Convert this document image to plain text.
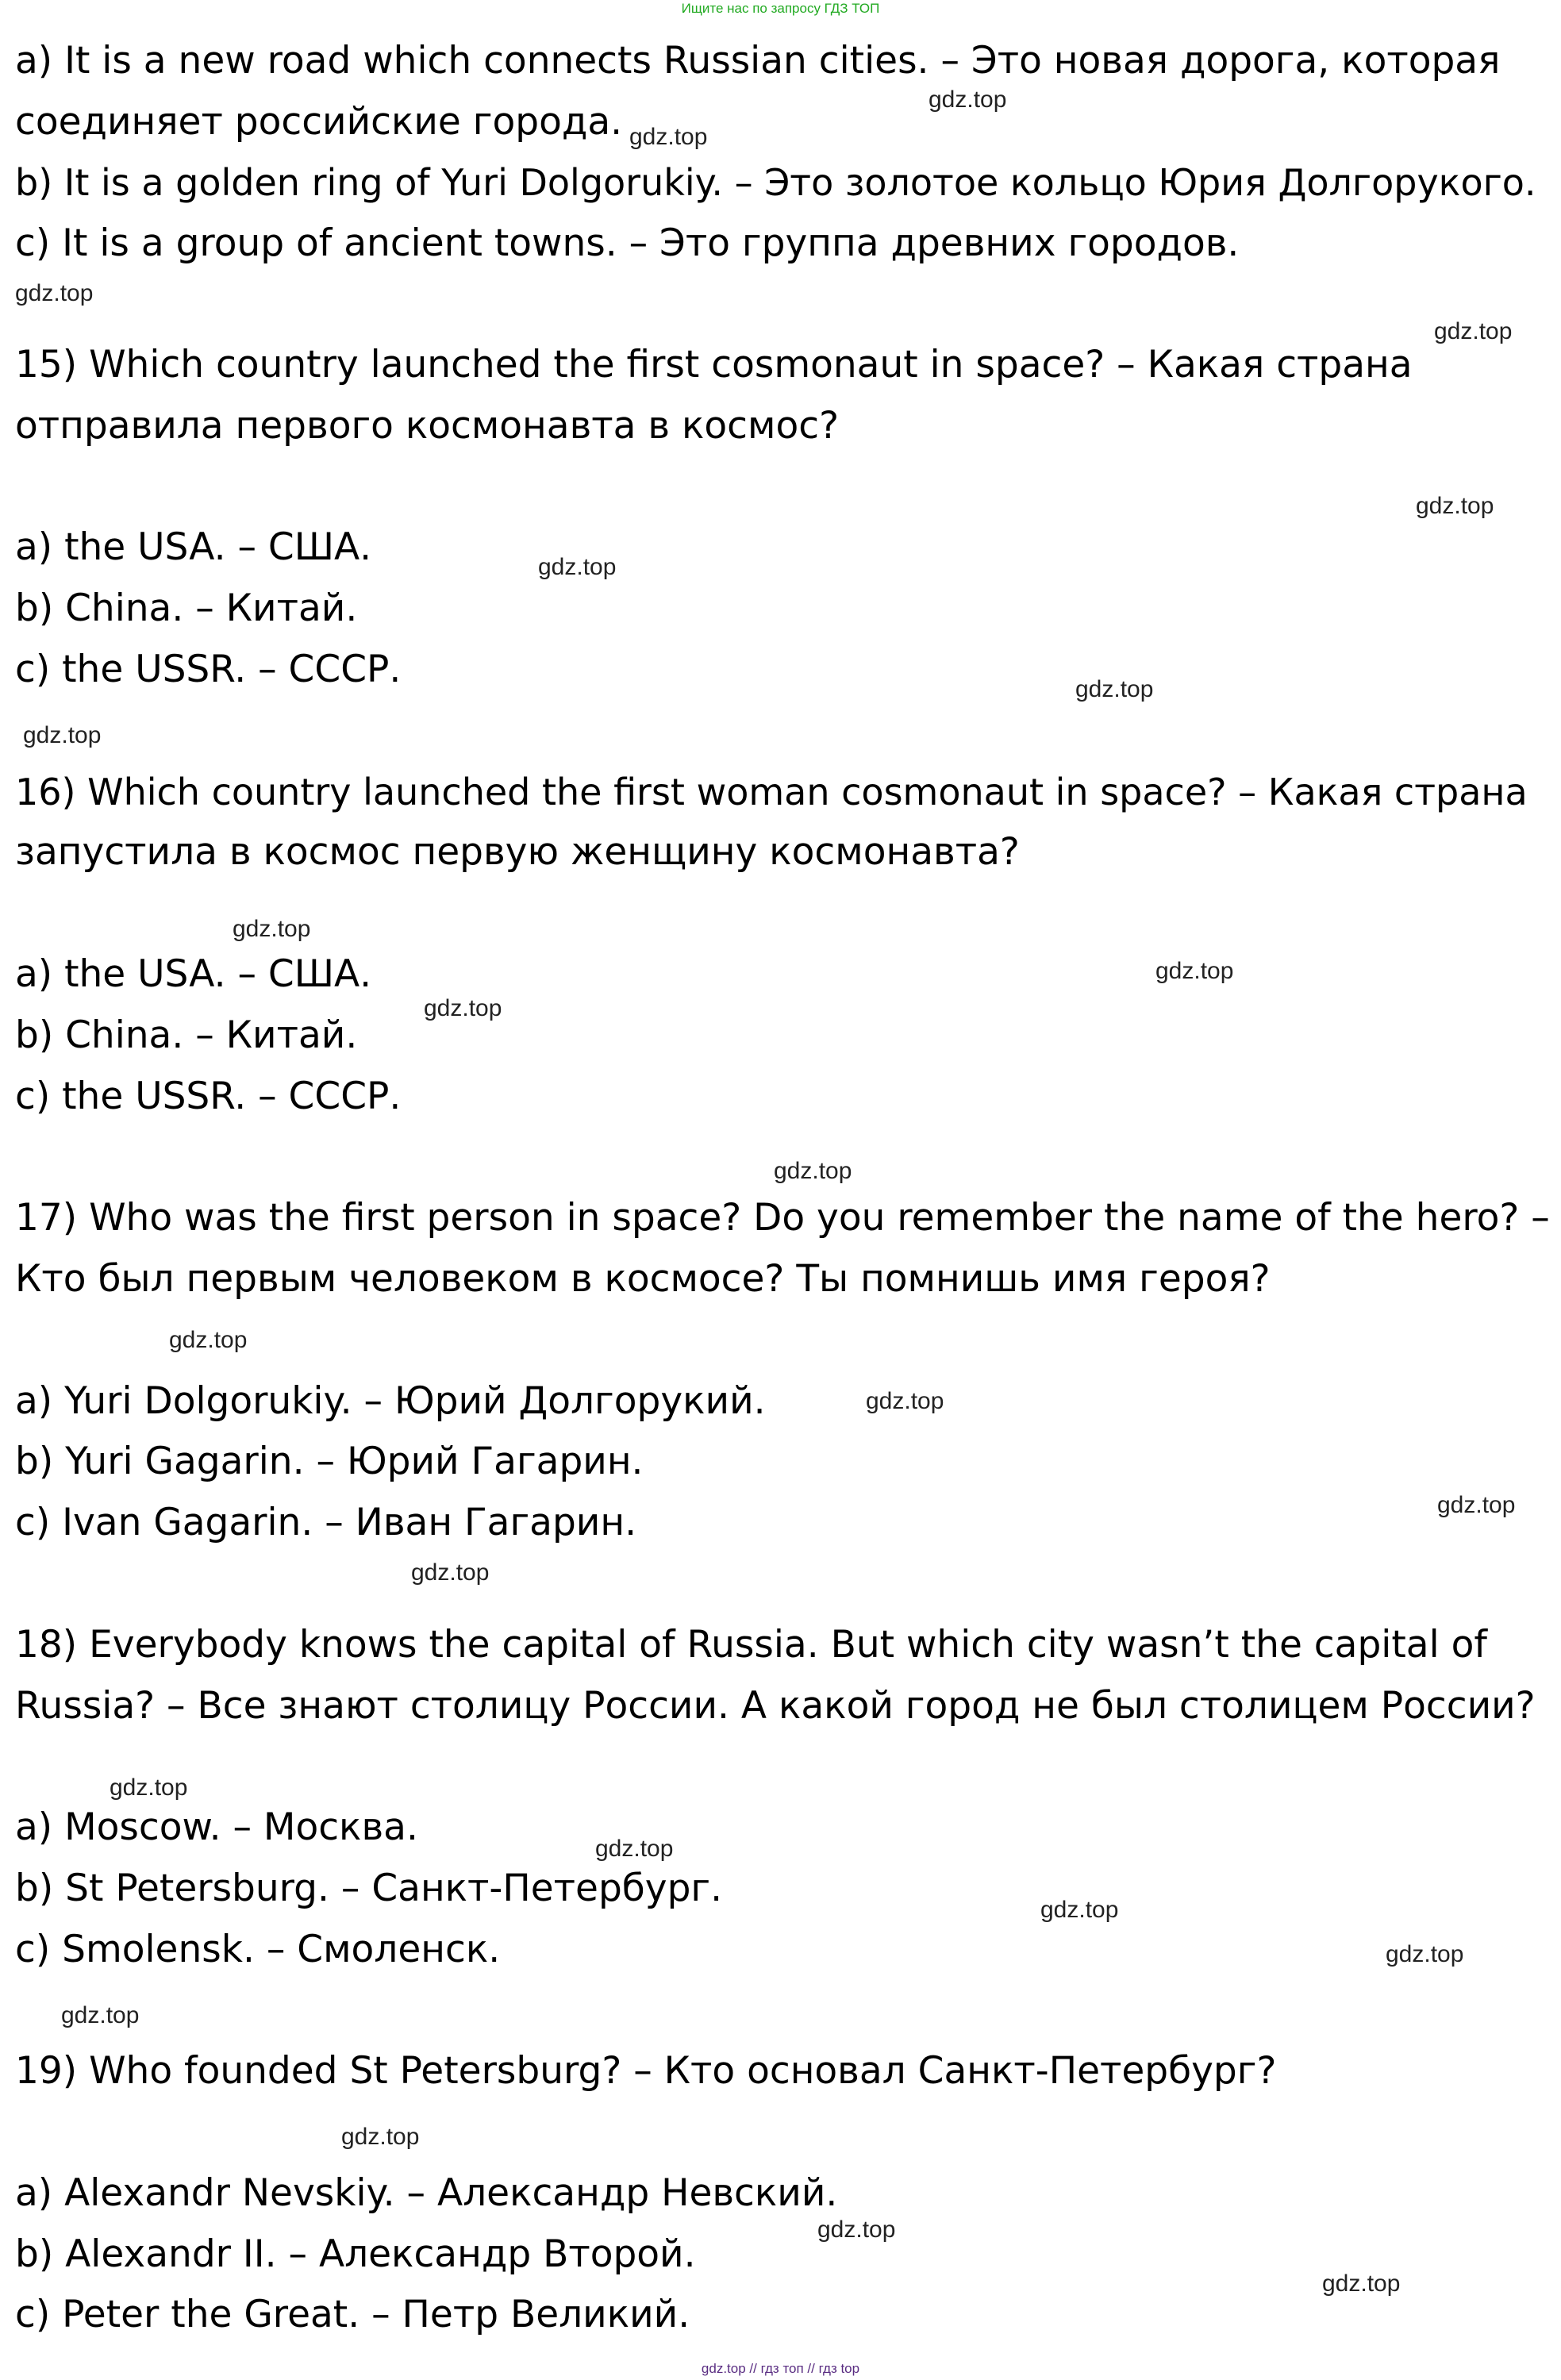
Ищите нас по запросу ГДЗ ТОП
a) It is a new road which connects Russian cities. – Это новая дорога, которая
соединяет российские города.
b) It is a golden ring of Yuri Dolgorukiy. – Это золотое кольцо Юрия Долгорукого.
c) It is a group of ancient towns. – Это группа древних городов.
15) Which country launched the first cosmonaut in space? – Какая страна
отправила первого космонавта в космос?
a) the USA. – США.
b) China. – Китай.
c) the USSR. – СССР.
16) Which country launched the first woman cosmonaut in space? – Какая страна
запустила в космос первую женщину космонавта?
a) the USA. – США.
b) China. – Китай.
c) the USSR. – СССР.
17) Who was the first person in space? Do you remember the name of the hero? –
Кто был первым человеком в космосе? Ты помнишь имя героя?
a) Yuri Dolgorukiy. – Юрий Долгорукий.
b) Yuri Gagarin. – Юрий Гагарин.
c) Ivan Gagarin. – Иван Гагарин.
18) Everybody knows the capital of Russia. But which city wasn’t the capital of
Russia? – Все знают столицу России. А какой город не был столицем России?
a) Moscow. – Москва.
b) St Petersburg. – Санкт-Петербург.
c) Smolensk. – Смоленск.
19) Who founded St Petersburg? – Кто основал Санкт-Петербург?
a) Alexandr Nevskiy. – Александр Невский.
b) Alexandr II. – Александр Второй.
c) Peter the Great. – Петр Великий.
gdz.top
gdz.top
gdz.top
gdz.top
gdz.top
gdz.top
gdz.top
gdz.top
gdz.top
gdz.top
gdz.top
gdz.top
gdz.top
gdz.top
gdz.top
gdz.top
gdz.top
gdz.top
gdz.top
gdz.top
gdz.top
gdz.top
gdz.top
gdz.top
gdz.top // гдз топ // гдз top
